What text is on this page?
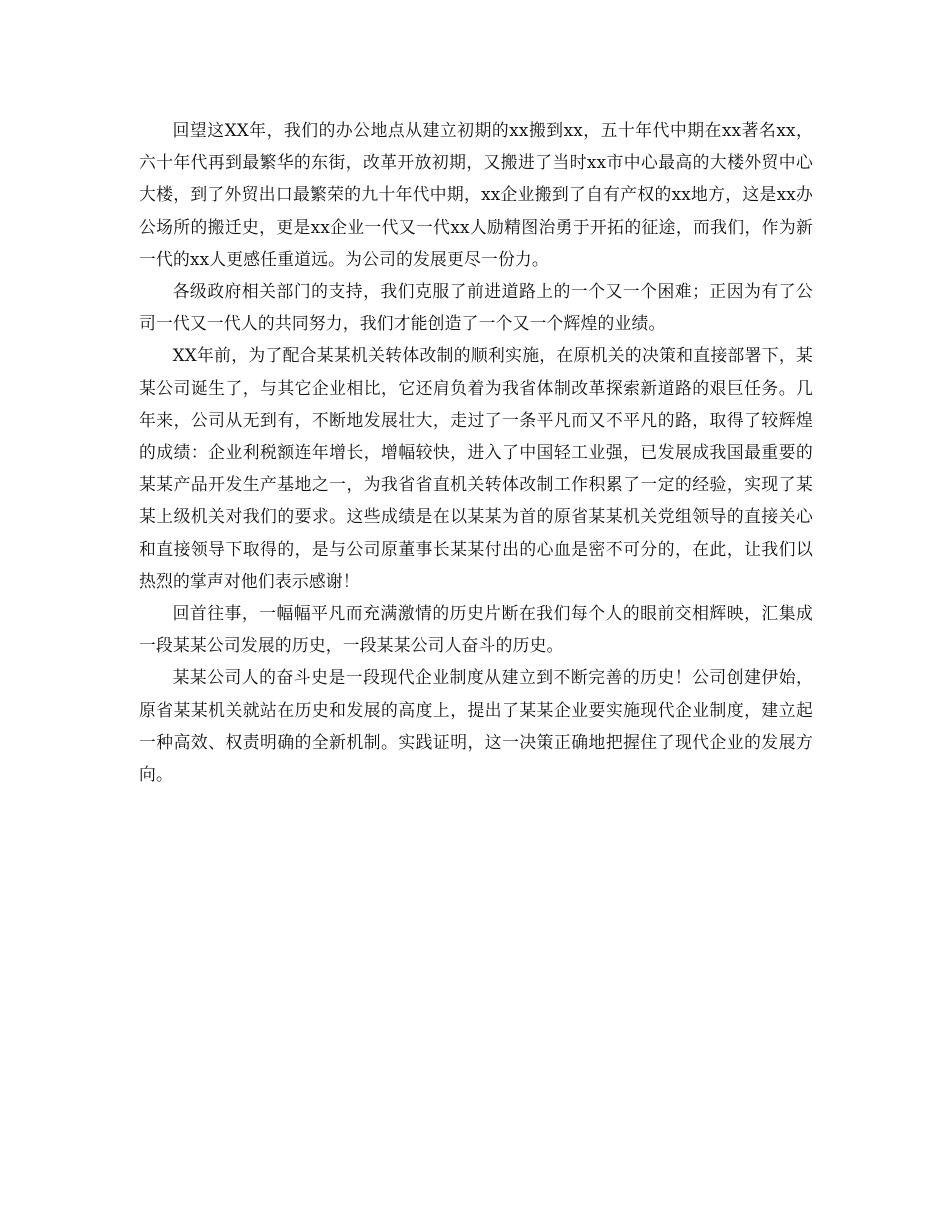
回望这XX年，我们的办公地点从建立初期的xx搬到xx，五十年代中期在xx著名xx，六十年代再到最繁华的东街，改革开放初期，又搬进了当时xx市中心最高的大楼外贸中心大楼，到了外贸出口最繁荣的九十年代中期，xx企业搬到了自有产权的xx地方，这是xx办公场所的搬迁史，更是xx企业一代又一代xx人励精图治勇于开拓的征途，而我们，作为新一代的xx人更感任重道远。为公司的发展更尽一份力。

各级政府相关部门的支持，我们克服了前进道路上的一个又一个困难；正因为有了公司一代又一代人的共同努力，我们才能创造了一个又一个辉煌的业绩。

XX年前，为了配合某某机关转体改制的顺利实施，在原机关的决策和直接部署下，某某公司诞生了，与其它企业相比，它还肩负着为我省体制改革探索新道路的艰巨任务。几年来，公司从无到有，不断地发展壮大，走过了一条平凡而又不平凡的路，取得了较辉煌的成绩：企业利税额连年增长，增幅较快，进入了中国轻工业强，已发展成我国最重要的某某产品开发生产基地之一，为我省省直机关转体改制工作积累了一定的经验，实现了某某上级机关对我们的要求。这些成绩是在以某某为首的原省某某机关党组领导的直接关心和直接领导下取得的，是与公司原董事长某某付出的心血是密不可分的，在此，让我们以热烈的掌声对他们表示感谢！

回首往事，一幅幅平凡而充满激情的历史片断在我们每个人的眼前交相辉映，汇集成一段某某公司发展的历史，一段某某公司人奋斗的历史。

某某公司人的奋斗史是一段现代企业制度从建立到不断完善的历史！公司创建伊始，原省某某机关就站在历史和发展的高度上，提出了某某企业要实施现代企业制度，建立起一种高效、权责明确的全新机制。实践证明，这一决策正确地把握住了现代企业的发展方向。
